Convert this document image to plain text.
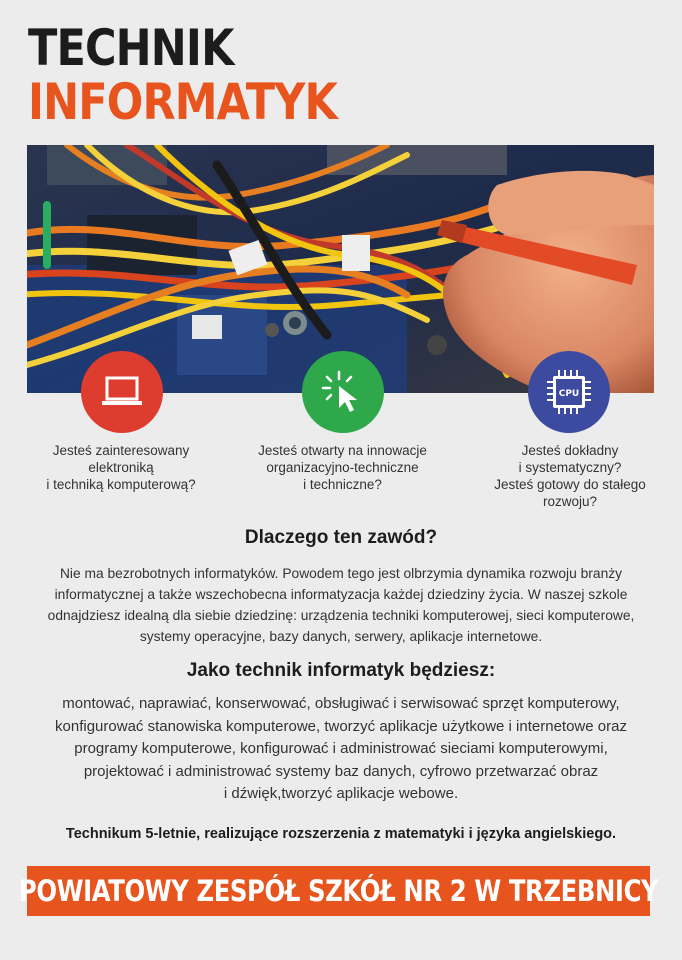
TECHNIK
INFORMATYK
CPU
Jesteś zainteresowany
elektroniką
i techniką komputerową?
Jesteś otwarty na innowacje
organizacyjno-techniczne
i techniczne?
Jesteś dokładny
i systematyczny?
Jesteś gotowy do stałego
rozwoju?
Dlaczego ten zawód?
Nie ma bezrobotnych informatyków. Powodem tego jest olbrzymia dynamika rozwoju branży
informatycznej a także wszechobecna informatyzacja każdej dziedziny życia. W naszej szkole
odnajdziesz idealną dla siebie dziedzinę: urządzenia techniki komputerowej, sieci komputerowe,
systemy operacyjne, bazy danych, serwery, aplikacje internetowe.
Jako technik informatyk będziesz:
montować, naprawiać, konserwować, obsługiwać i serwisować sprzęt komputerowy,
konfigurować stanowiska komputerowe, tworzyć aplikacje użytkowe i internetowe oraz
programy komputerowe, konfigurować i administrować sieciami komputerowymi,
projektować i administrować systemy baz danych, cyfrowo przetwarzać obraz
i dźwięk,tworzyć aplikacje webowe.
Technikum 5-letnie, realizujące rozszerzenia z matematyki i języka angielskiego.
POWIATOWY ZESPÓŁ SZKÓŁ NR 2 W TRZEBNICY
